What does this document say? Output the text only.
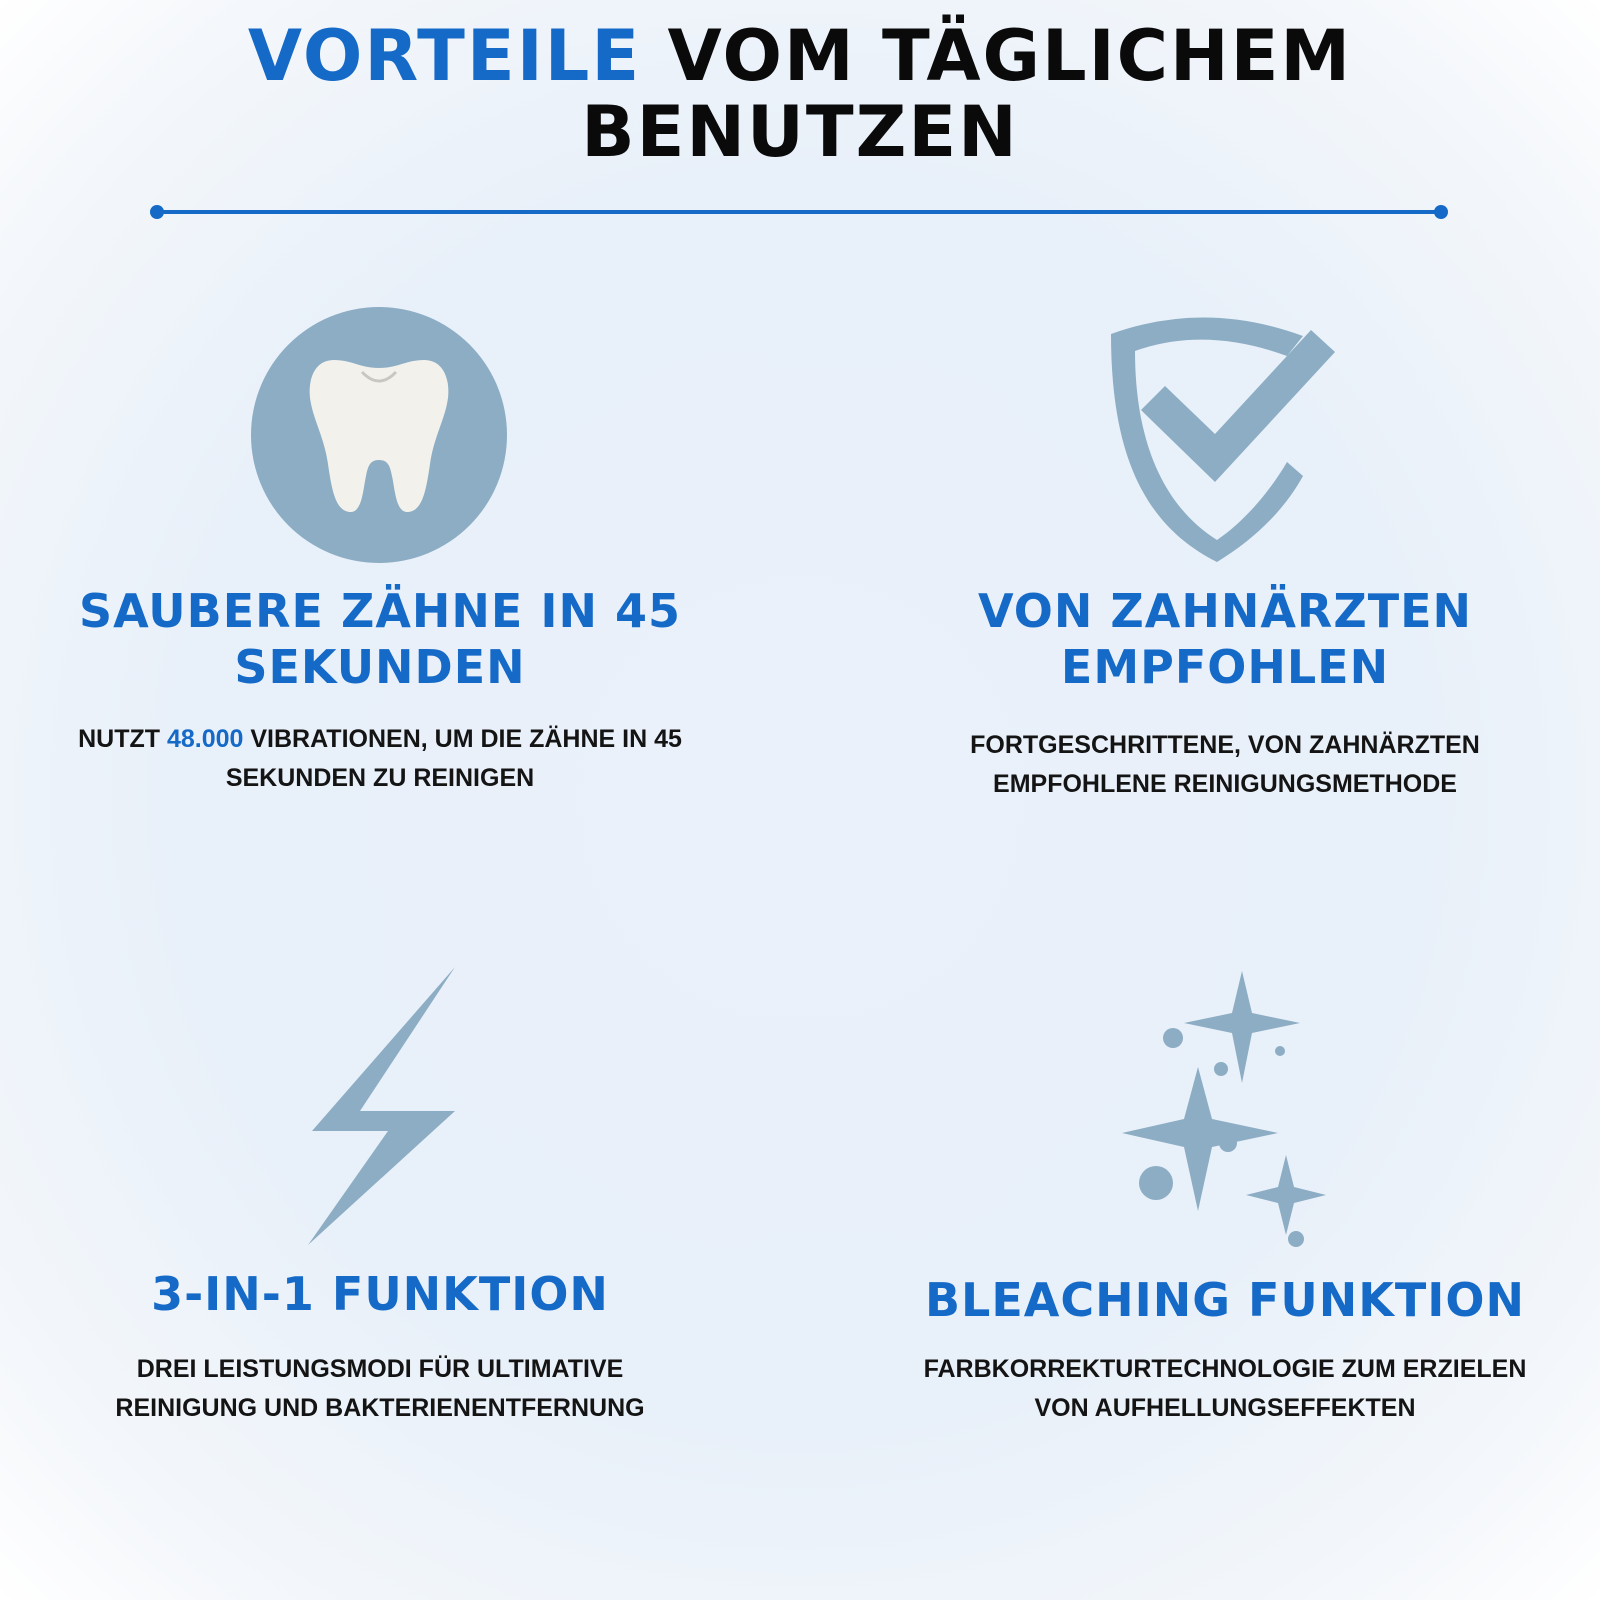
VORTEILE VOM TÄGLICHEM
BENUTZEN
SAUBERE ZÄHNE IN 45 SEKUNDEN

NUTZT 48.000 VIBRATIONEN, UM DIE ZÄHNE IN 45 SEKUNDEN ZU REINIGEN

VON ZAHNÄRZTEN EMPFOHLEN

FORTGESCHRITTENE, VON ZAHNÄRZTEN EMPFOHLENE REINIGUNGSMETHODE

3-IN-1 FUNKTION

DREI LEISTUNGSMODI FÜR ULTIMATIVE REINIGUNG UND BAKTERIENENTFERNUNG

BLEACHING FUNKTION

FARBKORREKTURTECHNOLOGIE ZUM ERZIELEN VON AUFHELLUNGSEFFEKTEN
